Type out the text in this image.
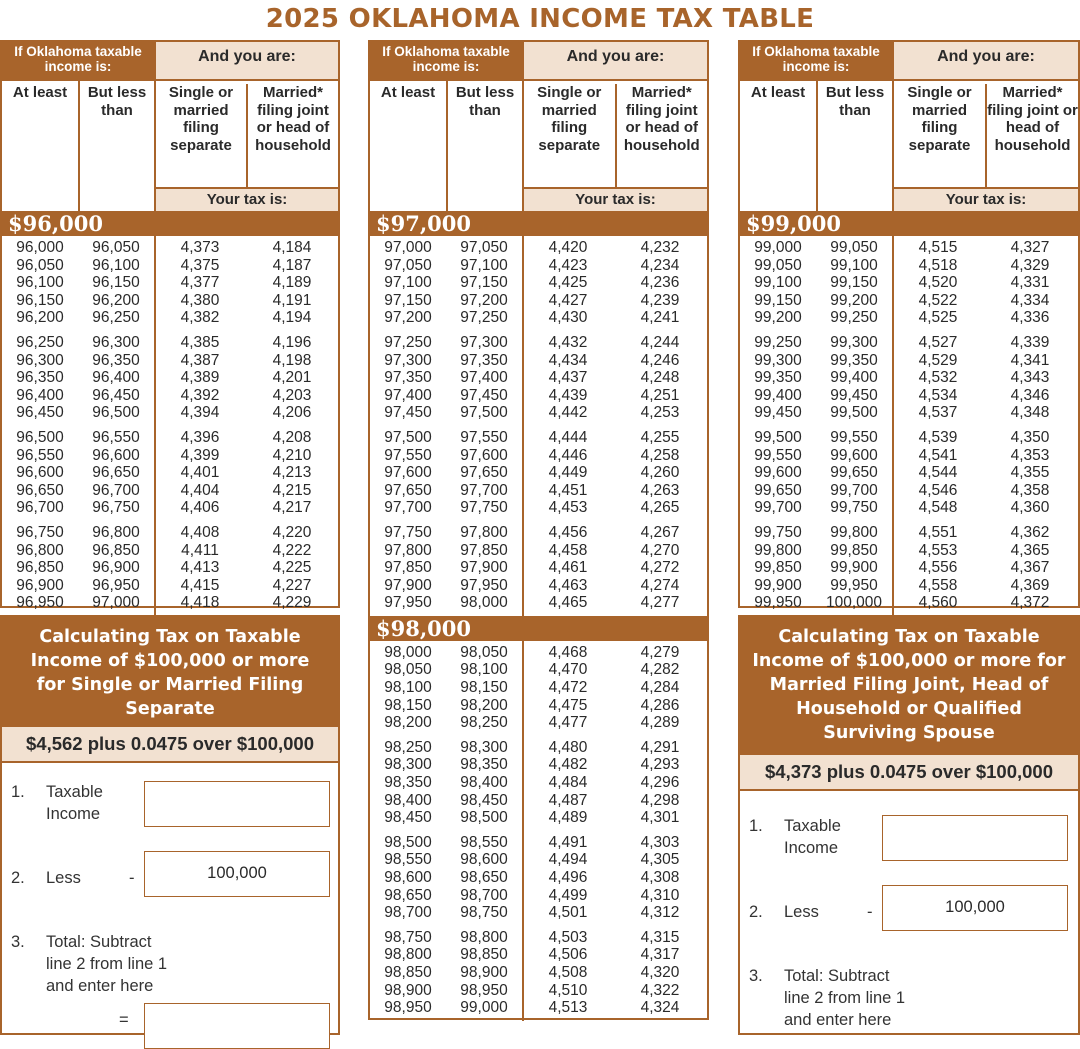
2025 OKLAHOMA INCOME TAX TABLE
If Oklahoma taxable income is:
And you are:
At least	But less than
Single or married filing separate
Married* filing joint or head of household
Your tax is:
$96,000
96,000	96,050	4,373	4,184
96,050	96,100	4,375	4,187
96,100	96,150	4,377	4,189
96,150	96,200	4,380	4,191
96,200	96,250	4,382	4,194
96,250	96,300	4,385	4,196
96,300	96,350	4,387	4,198
96,350	96,400	4,389	4,201
96,400	96,450	4,392	4,203
96,450	96,500	4,394	4,206
96,500	96,550	4,396	4,208
96,550	96,600	4,399	4,210
96,600	96,650	4,401	4,213
96,650	96,700	4,404	4,215
96,700	96,750	4,406	4,217
96,750	96,800	4,408	4,220
96,800	96,850	4,411	4,222
96,850	96,900	4,413	4,225
96,900	96,950	4,415	4,227
96,950	97,000	4,418	4,229
If Oklahoma taxable income is:
And you are:
At least	But less than
Single or married filing separate
Married* filing joint or head of household
Your tax is:
$97,000
97,000	97,050	4,420	4,232
97,050	97,100	4,423	4,234
97,100	97,150	4,425	4,236
97,150	97,200	4,427	4,239
97,200	97,250	4,430	4,241
97,250	97,300	4,432	4,244
97,300	97,350	4,434	4,246
97,350	97,400	4,437	4,248
97,400	97,450	4,439	4,251
97,450	97,500	4,442	4,253
97,500	97,550	4,444	4,255
97,550	97,600	4,446	4,258
97,600	97,650	4,449	4,260
97,650	97,700	4,451	4,263
97,700	97,750	4,453	4,265
97,750	97,800	4,456	4,267
97,800	97,850	4,458	4,270
97,850	97,900	4,461	4,272
97,900	97,950	4,463	4,274
97,950	98,000	4,465	4,277
$98,000
98,000	98,050	4,468	4,279
98,050	98,100	4,470	4,282
98,100	98,150	4,472	4,284
98,150	98,200	4,475	4,286
98,200	98,250	4,477	4,289
98,250	98,300	4,480	4,291
98,300	98,350	4,482	4,293
98,350	98,400	4,484	4,296
98,400	98,450	4,487	4,298
98,450	98,500	4,489	4,301
98,500	98,550	4,491	4,303
98,550	98,600	4,494	4,305
98,600	98,650	4,496	4,308
98,650	98,700	4,499	4,310
98,700	98,750	4,501	4,312
98,750	98,800	4,503	4,315
98,800	98,850	4,506	4,317
98,850	98,900	4,508	4,320
98,900	98,950	4,510	4,322
98,950	99,000	4,513	4,324
If Oklahoma taxable income is:
And you are:
At least	But less than
Single or married filing separate
Married* filing joint or head of household
Your tax is:
$99,000
99,000	99,050	4,515	4,327
99,050	99,100	4,518	4,329
99,100	99,150	4,520	4,331
99,150	99,200	4,522	4,334
99,200	99,250	4,525	4,336
99,250	99,300	4,527	4,339
99,300	99,350	4,529	4,341
99,350	99,400	4,532	4,343
99,400	99,450	4,534	4,346
99,450	99,500	4,537	4,348
99,500	99,550	4,539	4,350
99,550	99,600	4,541	4,353
99,600	99,650	4,544	4,355
99,650	99,700	4,546	4,358
99,700	99,750	4,548	4,360
99,750	99,800	4,551	4,362
99,800	99,850	4,553	4,365
99,850	99,900	4,556	4,367
99,900	99,950	4,558	4,369
99,950	100,000	4,560	4,372
Calculating Tax on Taxable Income of $100,000 or more for Single or Married Filing Separate
$4,562 plus 0.0475 over $100,000
1. Taxable Income
2. Less	-	100,000
3. Total: Subtract line 2 from line 1 and enter here
=
Calculating Tax on Taxable Income of $100,000 or more for Married Filing Joint, Head of Household or Qualified Surviving Spouse
$4,373 plus 0.0475 over $100,000
1. Taxable Income
2. Less	-	100,000
3. Total: Subtract line 2 from line 1 and enter here
